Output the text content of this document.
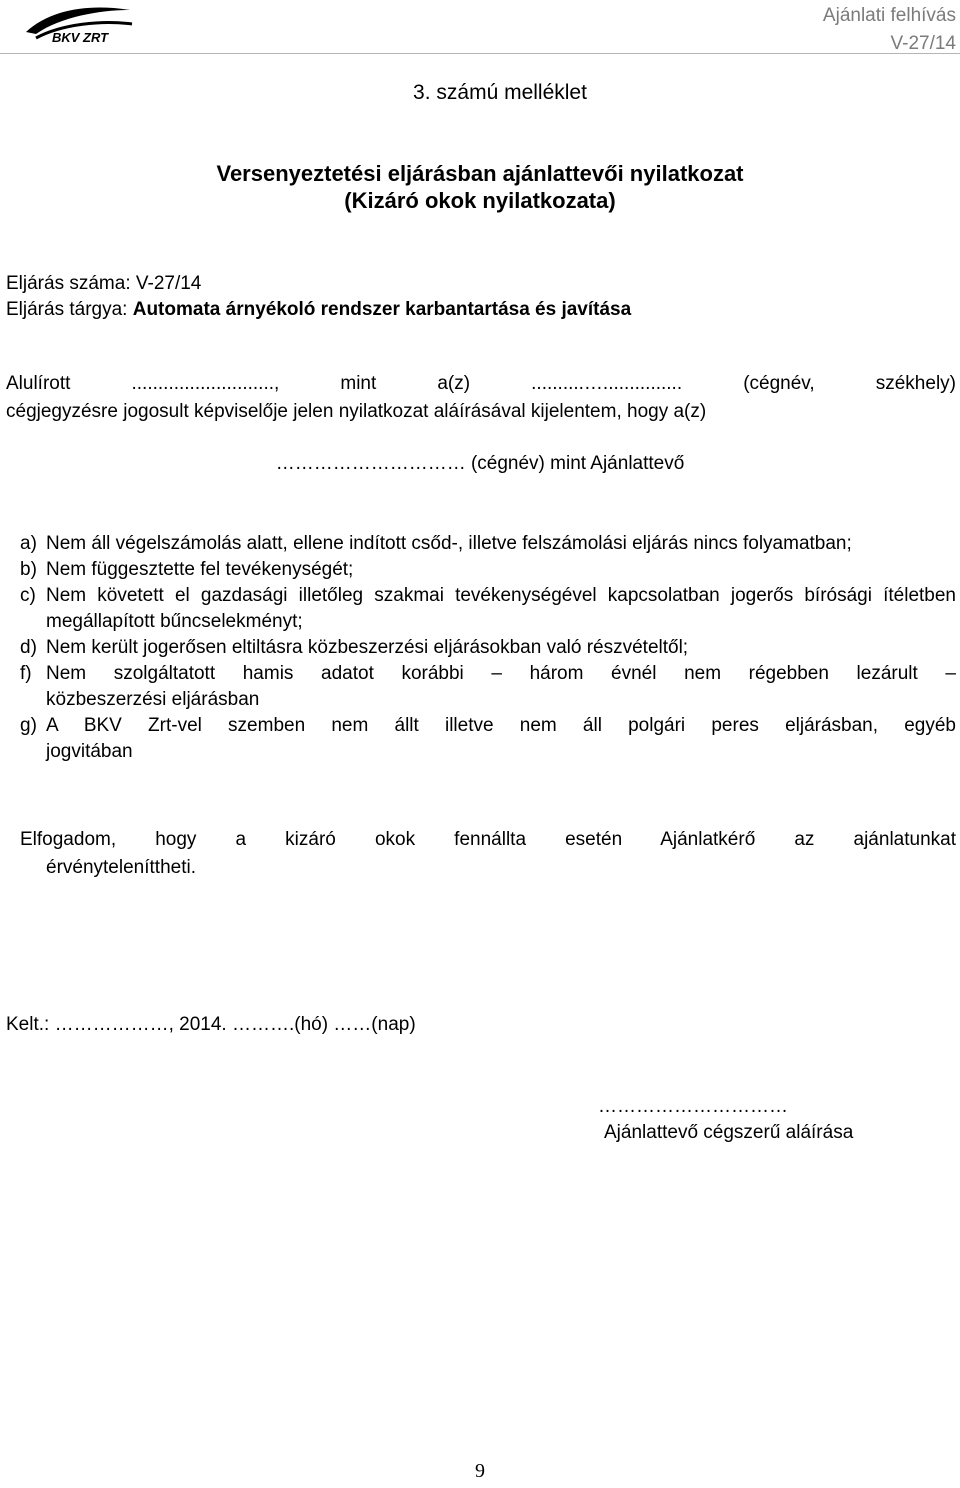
BKV ZRT
Ajánlati felhívás
V-27/14
3. számú melléklet
Versenyeztetési eljárásban ajánlattevői nyilatkozat
(Kizáró okok nyilatkozata)
Eljárás száma: V-27/14
Eljárás tárgya: Automata árnyékoló rendszer karbantartása és javítása
Alulírott ..........................., mint a(z) ..........…............... (cégnév, székhely)
cégjegyzésre jogosult képviselője jelen nyilatkozat aláírásával kijelentem, hogy a(z)
………………………… (cégnév) mint Ajánlattevő
a) Nem áll végelszámolás alatt, ellene indított csőd-, illetve felszámolási eljárás nincs folyamatban;
b) Nem függesztette fel tevékenységét;
c) Nem követett el gazdasági illetőleg szakmai tevékenységével kapcsolatban jogerős bírósági ítéletben megállapított bűncselekményt;
d) Nem került jogerősen eltiltásra közbeszerzési eljárásokban való részvételtől;
f) Nem szolgáltatott hamis adatot korábbi – három évnél nem régebben lezárult –
közbeszerzési eljárásban
g) A BKV Zrt-vel szemben nem állt illetve nem áll polgári peres eljárásban, egyéb
jogvitában
Elfogadom, hogy a kizáró okok fennállta esetén Ajánlatkérő az ajánlatunkat
érvényteleníttheti.
Kelt.: ………………, 2014. ……….(hó) ……(nap)
…………………………
Ajánlattevő cégszerű aláírása
9
